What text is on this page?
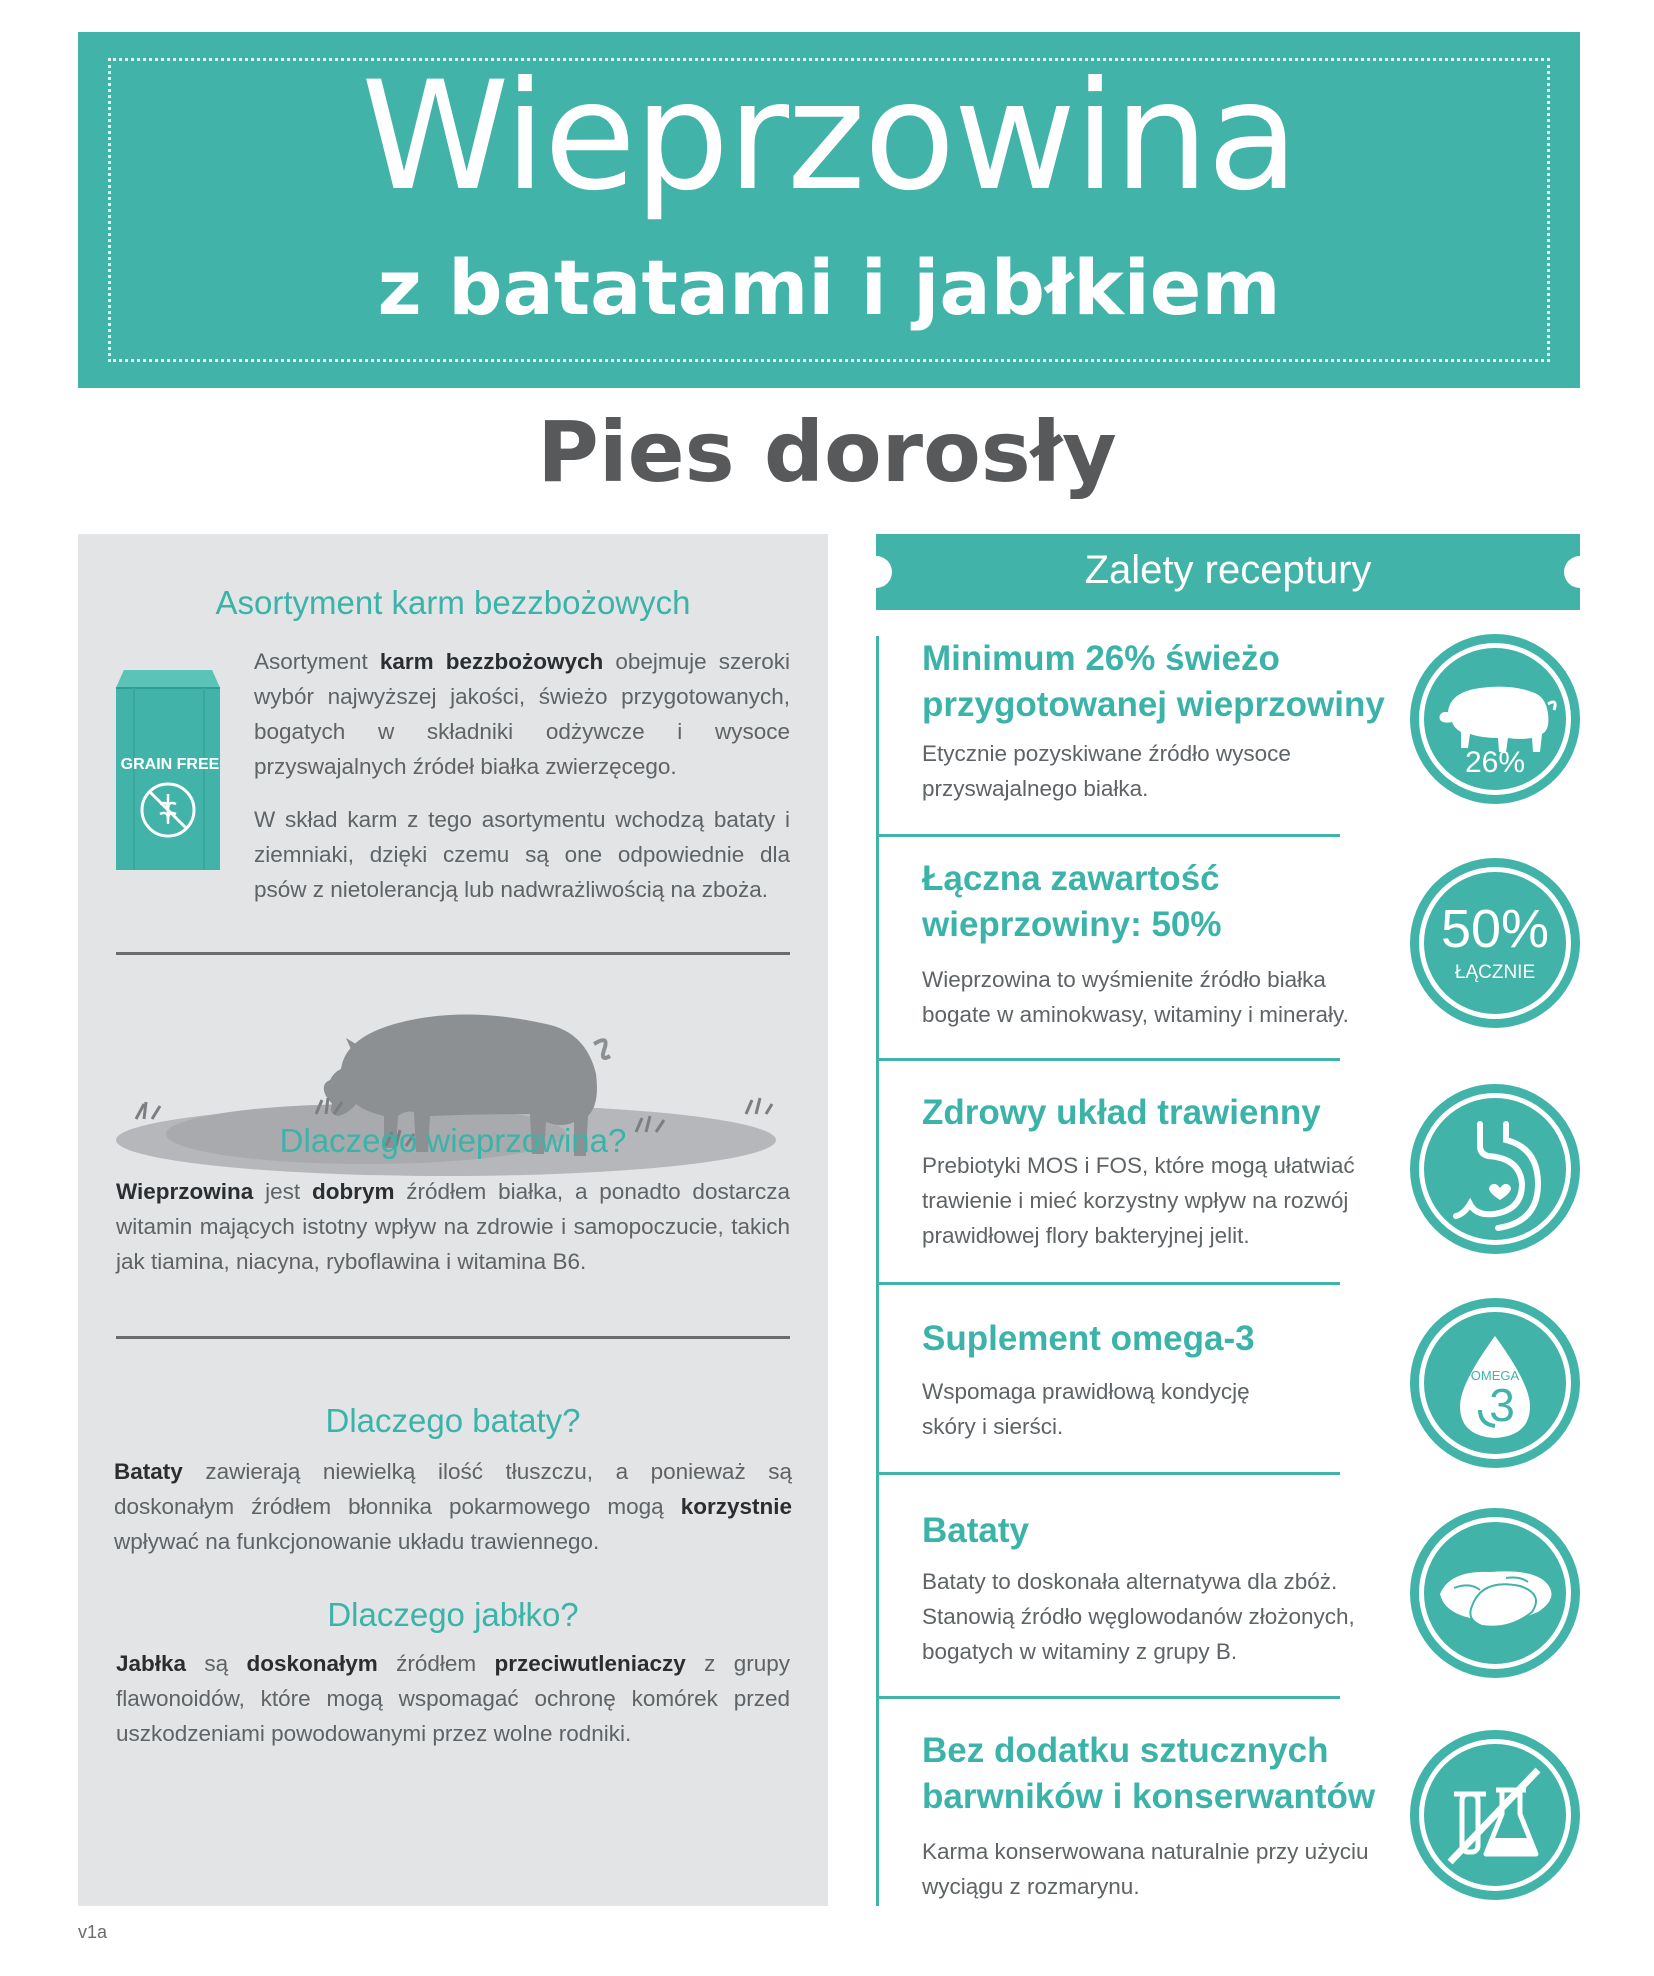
Wieprzowina
z batatami i jabłkiem
Pies dorosły
Asortyment karm bezzbożowych
GRAIN FREE
Asortyment karm bezzbożowych obejmuje szeroki wybór najwyższej jakości, świeżo przygotowanych, bogatych w składniki odżywcze i wysoce przyswajalnych źródeł białka zwierzęcego.
W skład karm z tego asortymentu wchodzą bataty i ziemniaki, dzięki czemu są one odpowiednie dla psów z nietolerancją lub nadwrażliwością na zboża.
Dlaczego wieprzowina?
Wieprzowina jest dobrym źródłem białka, a ponadto dostarcza witamin mających istotny wpływ na zdrowie i samopoczucie, takich jak tiamina, niacyna, ryboflawina i witamina B6.
Dlaczego bataty?
Bataty zawierają niewielką ilość tłuszczu, a ponieważ są doskonałym źródłem błonnika pokarmowego mogą korzystnie wpływać na funkcjonowanie układu trawiennego.
Dlaczego jabłko?
Jabłka są doskonałym źródłem przeciwutleniaczy z grupy flawonoidów, które mogą wspomagać ochronę komórek przed uszkodzeniami powodowanymi przez wolne rodniki.
Zalety receptury
Minimum 26% świeżo
przygotowanej wieprzowiny
Etycznie pozyskiwane źródło wysoce
przyswajalnego białka.
26%
Łączna zawartość
wieprzowiny: 50%
Wieprzowina to wyśmienite źródło białka
bogate w aminokwasy, witaminy i minerały.
50%
ŁĄCZNIE
Zdrowy układ trawienny
Prebiotyki MOS i FOS, które mogą ułatwiać
trawienie i mieć korzystny wpływ na rozwój
prawidłowej flory bakteryjnej jelit.
Suplement omega-3
Wspomaga prawidłową kondycję
skóry i sierści.
OMEGA
3
Bataty
Bataty to doskonała alternatywa dla zbóż.
Stanowią źródło węglowodanów złożonych,
bogatych w witaminy z grupy B.
Bez dodatku sztucznych
barwników i konserwantów
Karma konserwowana naturalnie przy użyciu
wyciągu z rozmarynu.
v1a
